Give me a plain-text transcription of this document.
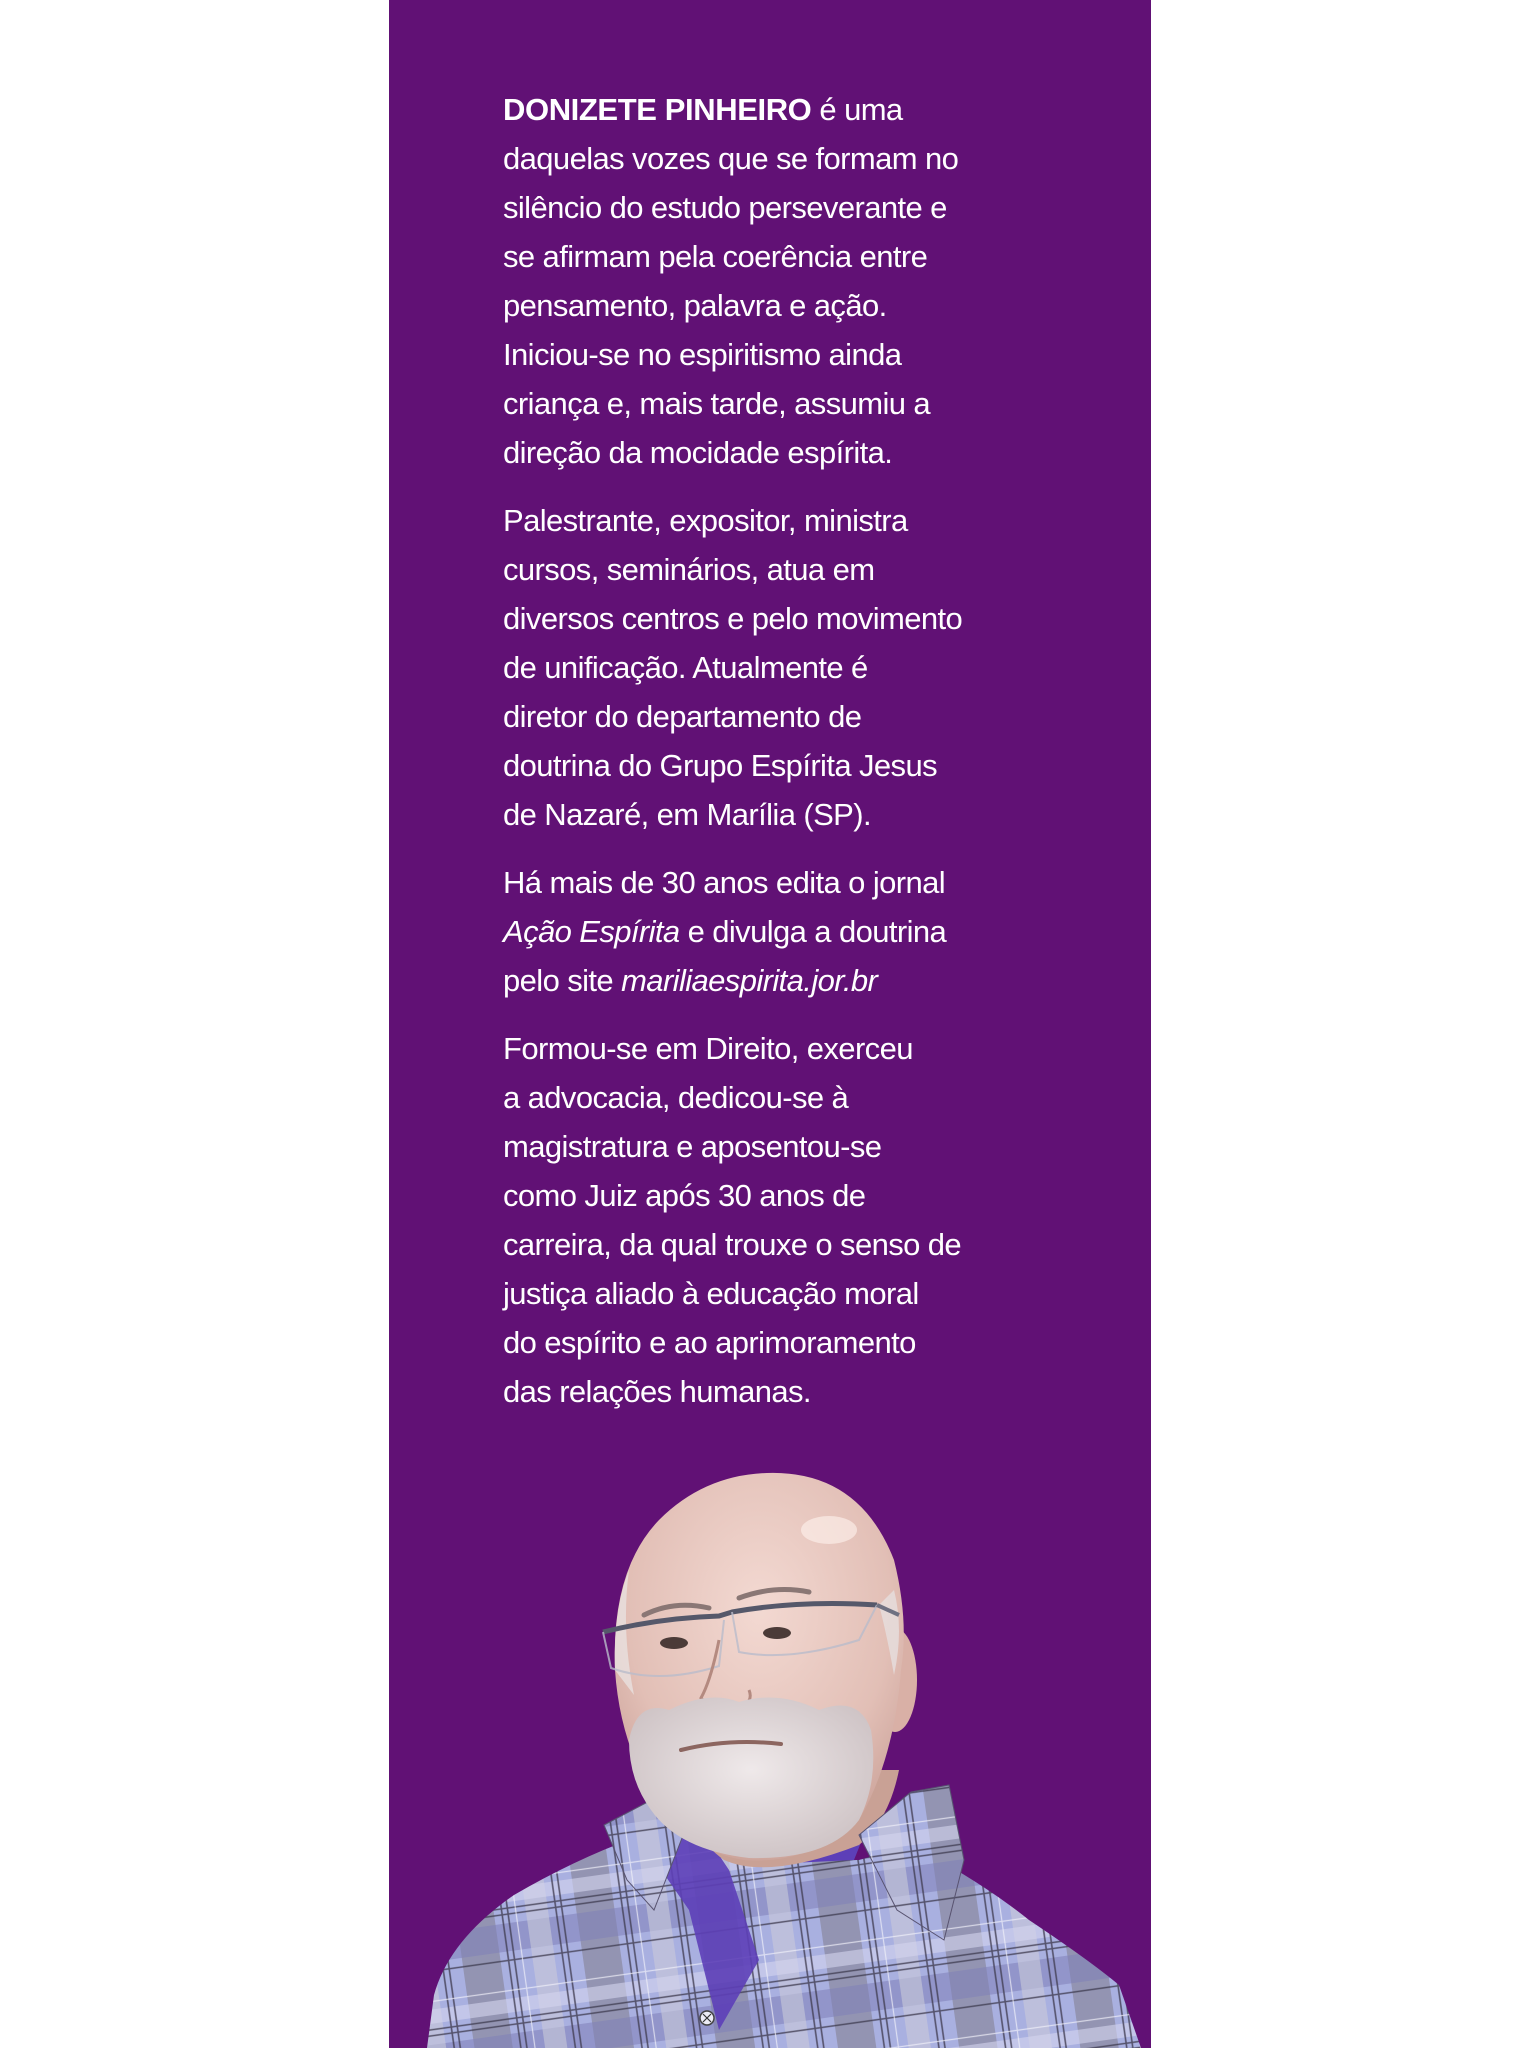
DONIZETE PINHEIRO é uma
daquelas vozes que se formam no
silêncio do estudo perseverante e
se afirmam pela coerência entre
pensamento, palavra e ação.
Iniciou-se no espiritismo ainda
criança e, mais tarde, assumiu a
direção da mocidade espírita.

Palestrante, expositor, ministra
cursos, seminários, atua em
diversos centros e pelo movimento
de unificação. Atualmente é
diretor do departamento de
doutrina do Grupo Espírita Jesus
de Nazaré, em Marília (SP).

Há mais de 30 anos edita o jornal
Ação Espírita e divulga a doutrina
pelo site mariliaespirita.jor.br

Formou-se em Direito, exerceu
a advocacia, dedicou-se à
magistratura e aposentou-se
como Juiz após 30 anos de
carreira, da qual trouxe o senso de
justiça aliado à educação moral
do espírito e ao aprimoramento
das relações humanas.
